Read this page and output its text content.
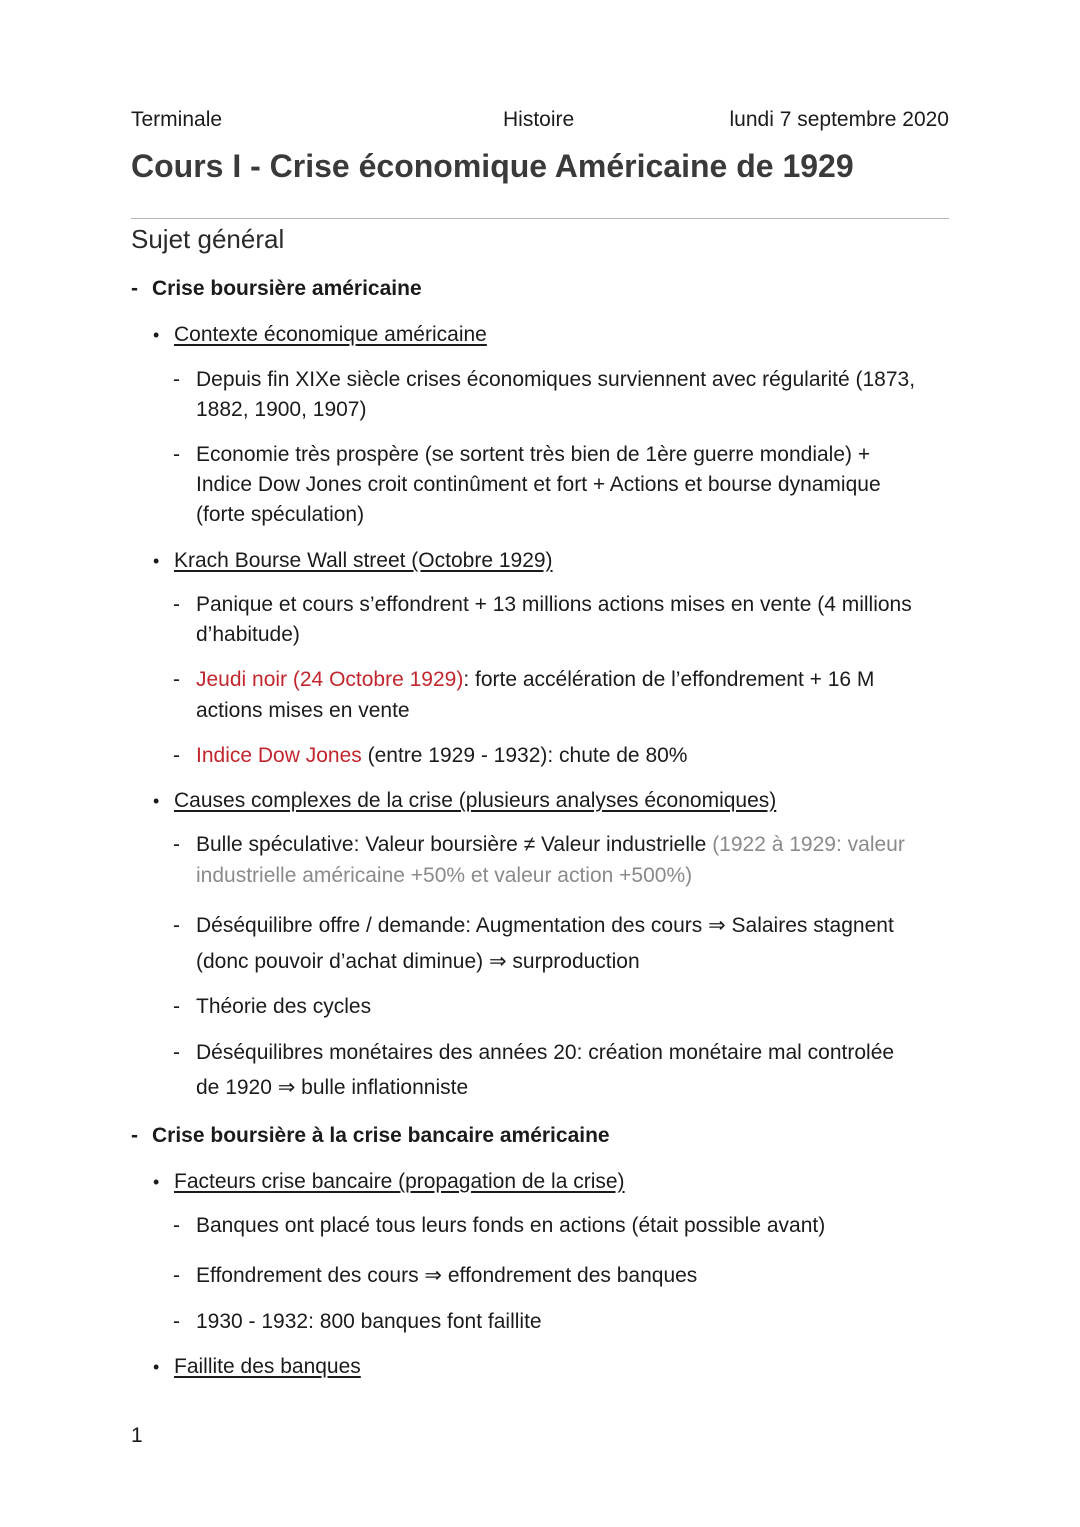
Terminale	Histoire	lundi 7 septembre 2020
Cours I - Crise économique Américaine de 1929
Sujet général
- Crise boursière américaine
• Contexte économique américaine
- Depuis fin XIXe siècle crises économiques surviennent avec régularité (1873,
1882, 1900, 1907)
- Economie très prospère (se sortent très bien de 1ère guerre mondiale) +
Indice Dow Jones croit continûment et fort + Actions et bourse dynamique
(forte spéculation)
• Krach Bourse Wall street (Octobre 1929)
- Panique et cours s’effondrent + 13 millions actions mises en vente (4 millions
d’habitude)
- Jeudi noir (24 Octobre 1929): forte accélération de l’effondrement + 16 M
actions mises en vente
- Indice Dow Jones (entre 1929 - 1932): chute de 80%
• Causes complexes de la crise (plusieurs analyses économiques)
- Bulle spéculative: Valeur boursière ≠ Valeur industrielle (1922 à 1929: valeur
industrielle américaine +50% et valeur action +500%)
- Déséquilibre offre / demande: Augmentation des cours ⇒ Salaires stagnent
(donc pouvoir d’achat diminue) ⇒ surproduction
- Théorie des cycles
- Déséquilibres monétaires des années 20: création monétaire mal controlée
de 1920 ⇒ bulle inflationniste
- Crise boursière à la crise bancaire américaine
• Facteurs crise bancaire (propagation de la crise)
- Banques ont placé tous leurs fonds en actions (était possible avant)
- Effondrement des cours ⇒ effondrement des banques
- 1930 - 1932: 800 banques font faillite
• Faillite des banques
1
